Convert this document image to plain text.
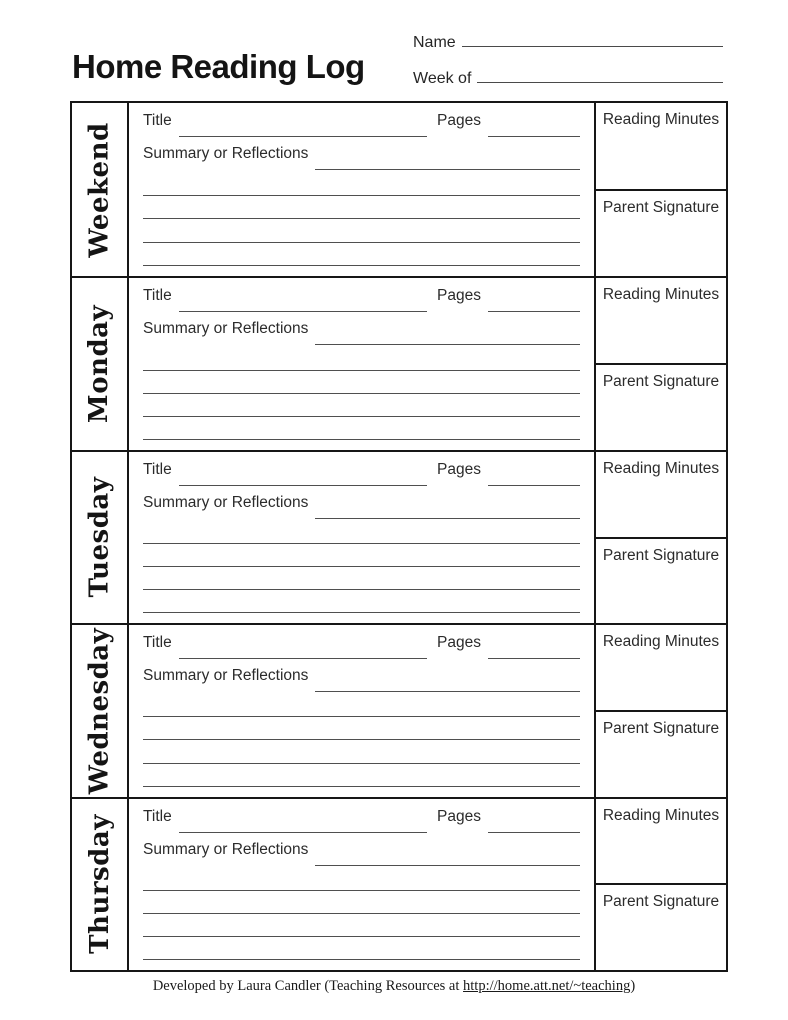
Home Reading Log
Name
Week of
Weekend
Title	Pages
Summary or Reflections
Reading Minutes
Parent Signature
Monday
Title	Pages
Summary or Reflections
Reading Minutes
Parent Signature
Tuesday
Title	Pages
Summary or Reflections
Reading Minutes
Parent Signature
Wednesday Title	Pages
Summary or Reflections
Reading Minutes
Parent Signature
Thursday Title	Pages
Summary or Reflections
Reading Minutes
Parent Signature
Developed by Laura Candler (Teaching Resources at http://home.att.net/~teaching)
